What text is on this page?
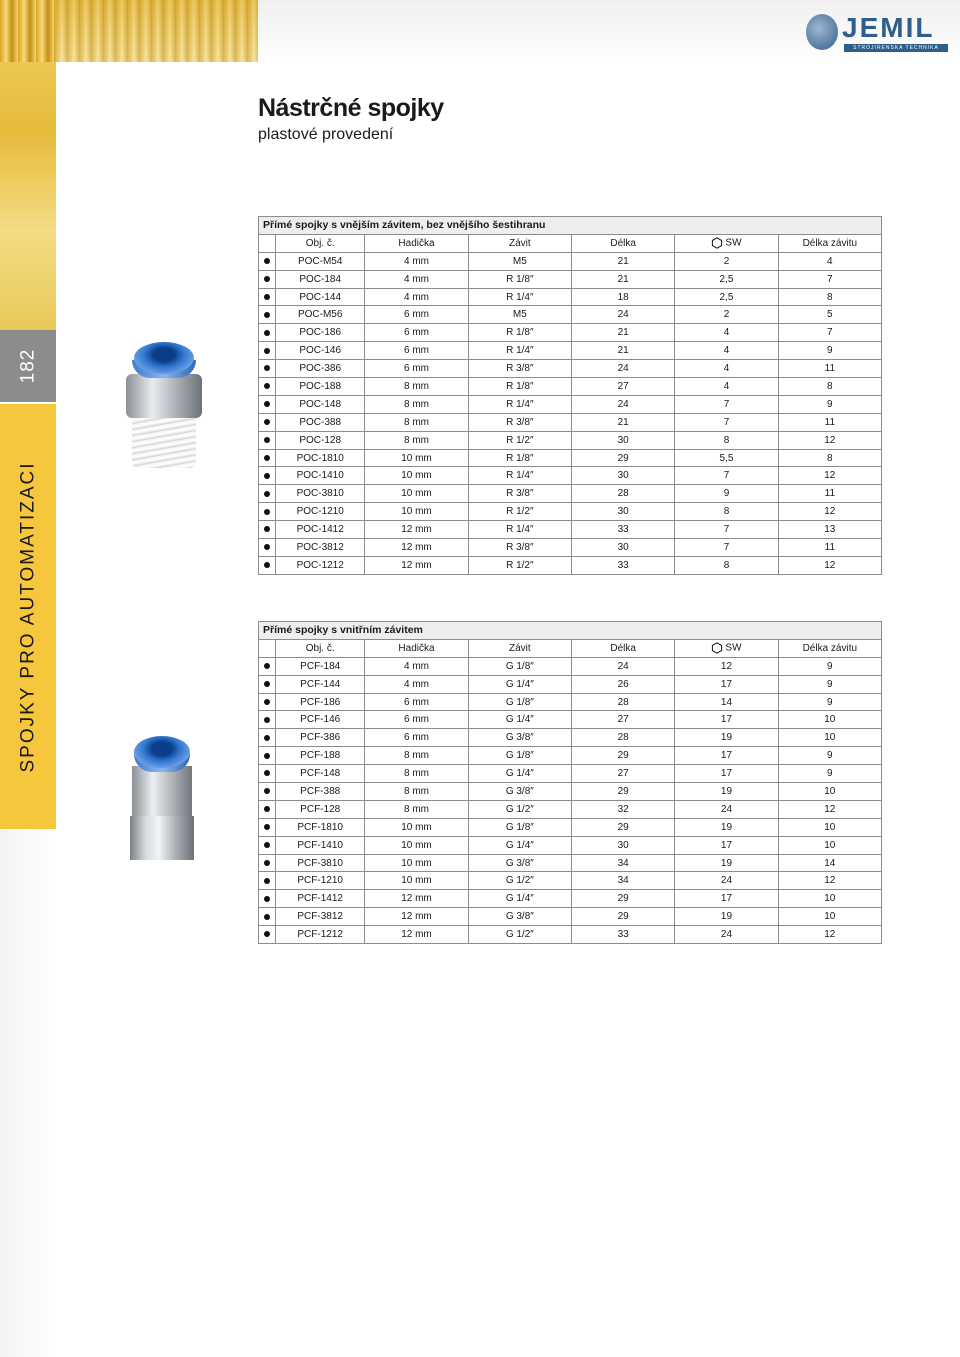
182
SPOJKY PRO AUTOMATIZACI
JEMIL
STROJIRENSKA TECHNIKA
Nástrčné spojky
plastové provedení
Přímé spojky s vnějším závitem, bez vnějšího šestihranu						
	Obj. č.	Hadička	Závit	Délka	SW	Délka závitu
	POC-M54	4 mm	M5	21	2	4
	POC-184	4 mm	R 1/8″	21	2,5	7
	POC-144	4 mm	R 1/4″	18	2,5	8
	POC-M56	6 mm	M5	24	2	5
	POC-186	6 mm	R 1/8″	21	4	7
	POC-146	6 mm	R 1/4″	21	4	9
	POC-386	6 mm	R 3/8″	24	4	11
	POC-188	8 mm	R 1/8″	27	4	8
	POC-148	8 mm	R 1/4″	24	7	9
	POC-388	8 mm	R 3/8″	21	7	11
	POC-128	8 mm	R 1/2″	30	8	12
	POC-1810	10 mm	R 1/8″	29	5,5	8
	POC-1410	10 mm	R 1/4″	30	7	12
	POC-3810	10 mm	R 3/8″	28	9	11
	POC-1210	10 mm	R 1/2″	30	8	12
	POC-1412	12 mm	R 1/4″	33	7	13
	POC-3812	12 mm	R 3/8″	30	7	11
	POC-1212	12 mm	R 1/2″	33	8	12
Přímé spojky s vnitřním závitem						
	Obj. č.	Hadička	Závit	Délka	SW	Délka závitu
	PCF-184	4 mm	G 1/8″	24	12	9
	PCF-144	4 mm	G 1/4″	26	17	9
	PCF-186	6 mm	G 1/8″	28	14	9
	PCF-146	6 mm	G 1/4″	27	17	10
	PCF-386	6 mm	G 3/8″	28	19	10
	PCF-188	8 mm	G 1/8″	29	17	9
	PCF-148	8 mm	G 1/4″	27	17	9
	PCF-388	8 mm	G 3/8″	29	19	10
	PCF-128	8 mm	G 1/2″	32	24	12
	PCF-1810	10 mm	G 1/8″	29	19	10
	PCF-1410	10 mm	G 1/4″	30	17	10
	PCF-3810	10 mm	G 3/8″	34	19	14
	PCF-1210	10 mm	G 1/2″	34	24	12
	PCF-1412	12 mm	G 1/4″	29	17	10
	PCF-3812	12 mm	G 3/8″	29	19	10
	PCF-1212	12 mm	G 1/2″	33	24	12
